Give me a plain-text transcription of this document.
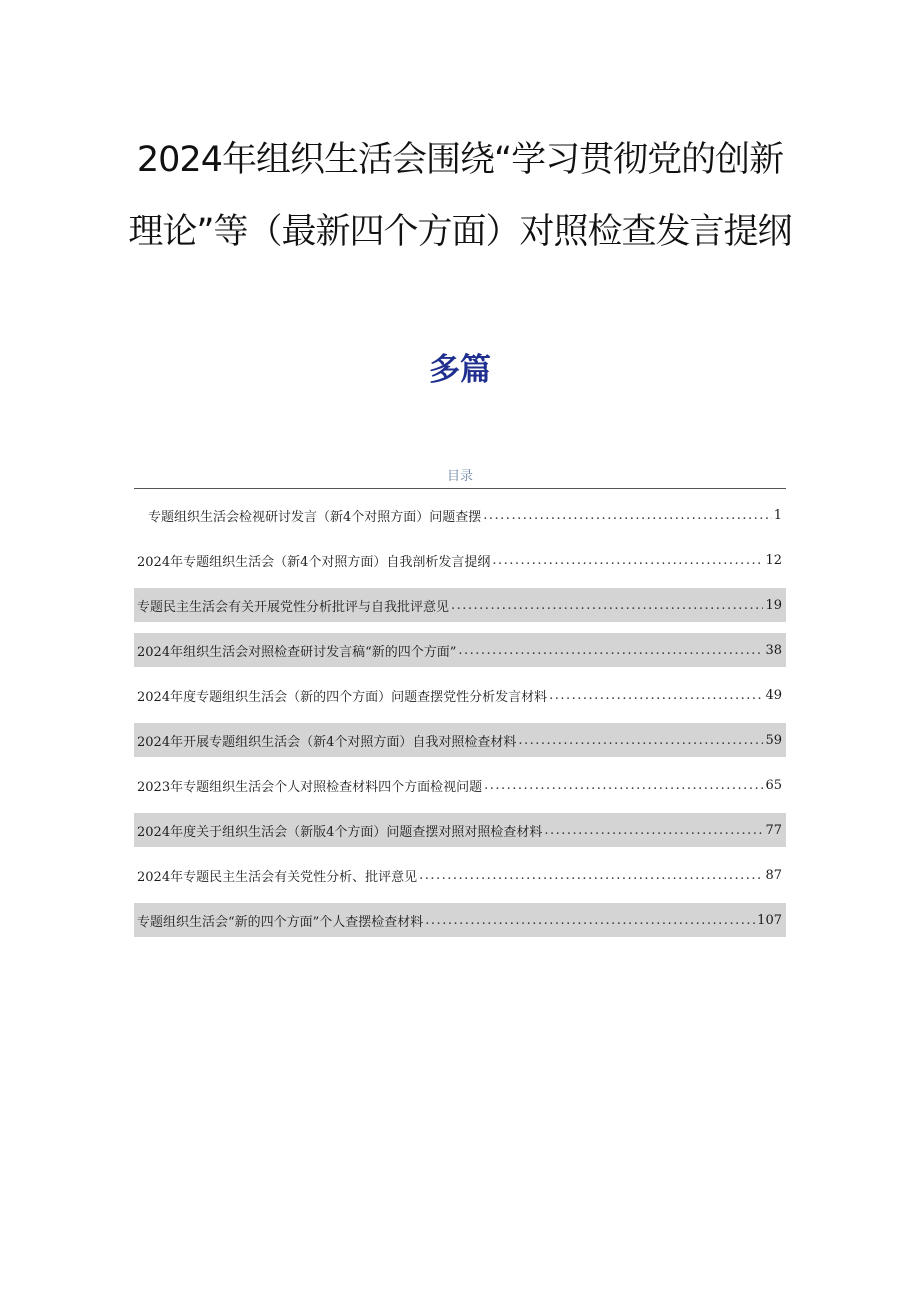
2024年组织生活会围绕“学习贯彻党的创新理论”等（最新四个方面）对照检查发言提纲
多篇
目录
专题组织生活会检视研讨发言（新4个对照方面）问题查摆 .....	1
2024年专题组织生活会（新4个对照方面）自我剖析发言提纲 .....	12
专题民主生活会有关开展党性分析批评与自我批评意见 .....	19
2024年组织生活会对照检查研讨发言稿“新的四个方面” .....	38
2024年度专题组织生活会（新的四个方面）问题查摆党性分析发言材料 .....	49
2024年开展专题组织生活会（新4个对照方面）自我对照检查材料 .....	59
2023年专题组织生活会个人对照检查材料四个方面检视问题 .....	65
2024年度关于组织生活会（新版4个方面）问题查摆对照对照检查材料 .....	77
2024年专题民主生活会有关党性分析、批评意见 .....	87
专题组织生活会“新的四个方面”个人查摆检查材料 .....	107
